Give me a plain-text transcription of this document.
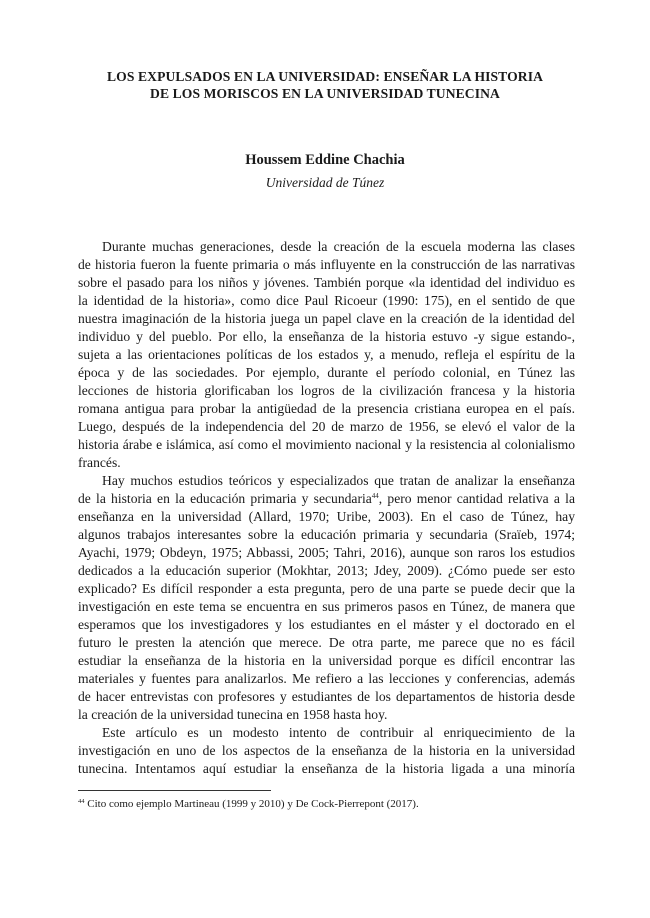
LOS EXPULSADOS EN LA UNIVERSIDAD: ENSEÑAR LA HISTORIA
DE LOS MORISCOS EN LA UNIVERSIDAD TUNECINA
Houssem Eddine Chachia
Universidad de Túnez

Durante muchas generaciones, desde la creación de la escuela moderna las clases
de historia fueron la fuente primaria o más influyente en la construcción de las narrativas
sobre el pasado para los niños y jóvenes. También porque «la identidad del individuo es
la identidad de la historia», como dice Paul Ricoeur (1990: 175), en el sentido de que
nuestra imaginación de la historia juega un papel clave en la creación de la identidad del
individuo y del pueblo. Por ello, la enseñanza de la historia estuvo -y sigue estando-,
sujeta a las orientaciones políticas de los estados y, a menudo, refleja el espíritu de la
época y de las sociedades. Por ejemplo, durante el período colonial, en Túnez las
lecciones de historia glorificaban los logros de la civilización francesa y la historia
romana antigua para probar la antigüedad de la presencia cristiana europea en el país.
Luego, después de la independencia del 20 de marzo de 1956, se elevó el valor de la
historia árabe e islámica, así como el movimiento nacional y la resistencia al colonialismo
francés.

Hay muchos estudios teóricos y especializados que tratan de analizar la enseñanza
de la historia en la educación primaria y secundaria$^{44}$, pero menor cantidad relativa a la
enseñanza en la universidad (Allard, 1970; Uribe, 2003). En el caso de Túnez, hay
algunos trabajos interesantes sobre la educación primaria y secundaria (Sraïeb, 1974;
Ayachi, 1979; Obdeyn, 1975; Abbassi, 2005; Tahri, 2016), aunque son raros los estudios
dedicados a la educación superior (Mokhtar, 2013; Jdey, 2009). ¿Cómo puede ser esto
explicado? Es difícil responder a esta pregunta, pero de una parte se puede decir que la
investigación en este tema se encuentra en sus primeros pasos en Túnez, de manera que
esperamos que los investigadores y los estudiantes en el máster y el doctorado en el
futuro le presten la atención que merece. De otra parte, me parece que no es fácil
estudiar la enseñanza de la historia en la universidad porque es difícil encontrar las
materiales y fuentes para analizarlos. Me refiero a las lecciones y conferencias, además
de hacer entrevistas con profesores y estudiantes de los departamentos de historia desde
la creación de la universidad tunecina en 1958 hasta hoy.

Este artículo es un modesto intento de contribuir al enriquecimiento de la
investigación en uno de los aspectos de la enseñanza de la historia en la universidad
tunecina. Intentamos aquí estudiar la enseñanza de la historia ligada a una minoría

$^{44}$ Cito como ejemplo Martineau (1999 y 2010) y De Cock-Pierrepont (2017).
